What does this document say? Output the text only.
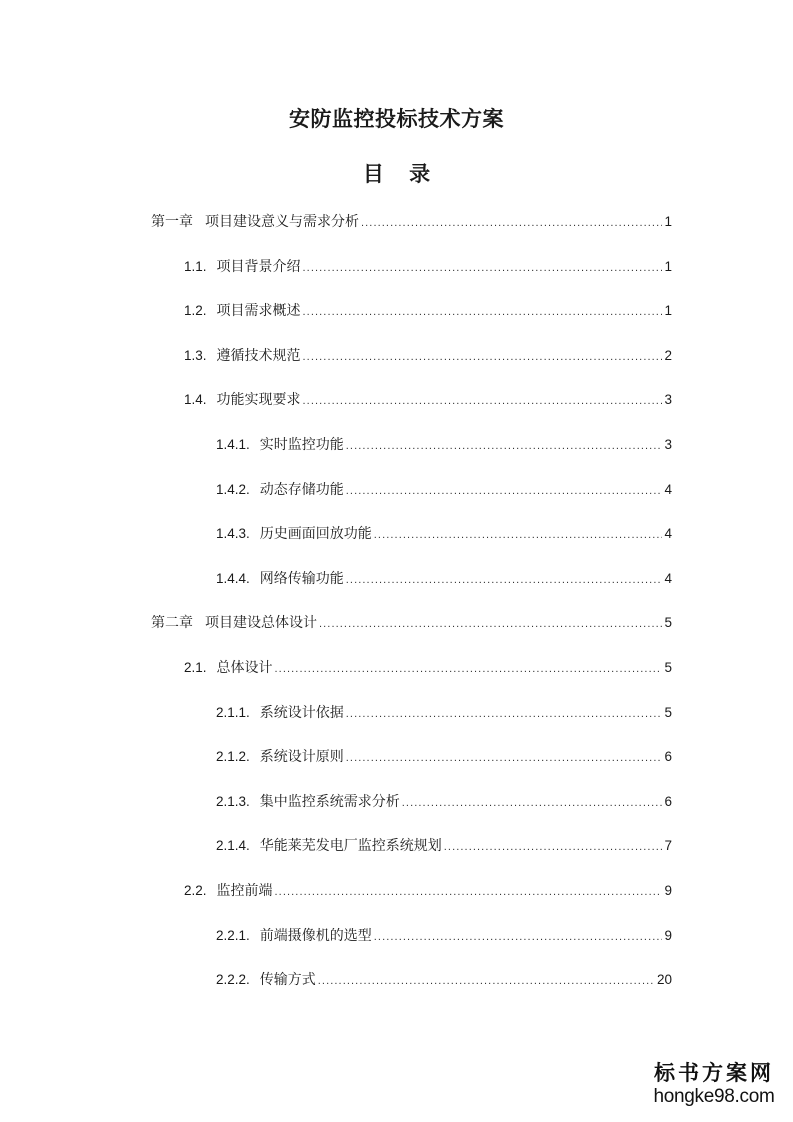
安防监控投标技术方案
目 录
第一章 项目建设意义与需求分析 .....	1
1.1. 项目背景介绍 .....	1
1.2. 项目需求概述 .....	1
1.3. 遵循技术规范 .....	2
1.4. 功能实现要求 .....	3
1.4.1. 实时监控功能 .....	3
1.4.2. 动态存储功能 .....	4
1.4.3. 历史画面回放功能 .....	4
1.4.4. 网络传输功能 .....	4
第二章 项目建设总体设计 .....	5
2.1. 总体设计 .....	5
2.1.1. 系统设计依据 .....	5
2.1.2. 系统设计原则 .....	6
2.1.3. 集中监控系统需求分析 .....	6
2.1.4. 华能莱芜发电厂监控系统规划 .....	7
2.2. 监控前端 .....	9
2.2.1. 前端摄像机的选型 .....	9
2.2.2. 传输方式 .....	20
标书方案网
hongke98.com
